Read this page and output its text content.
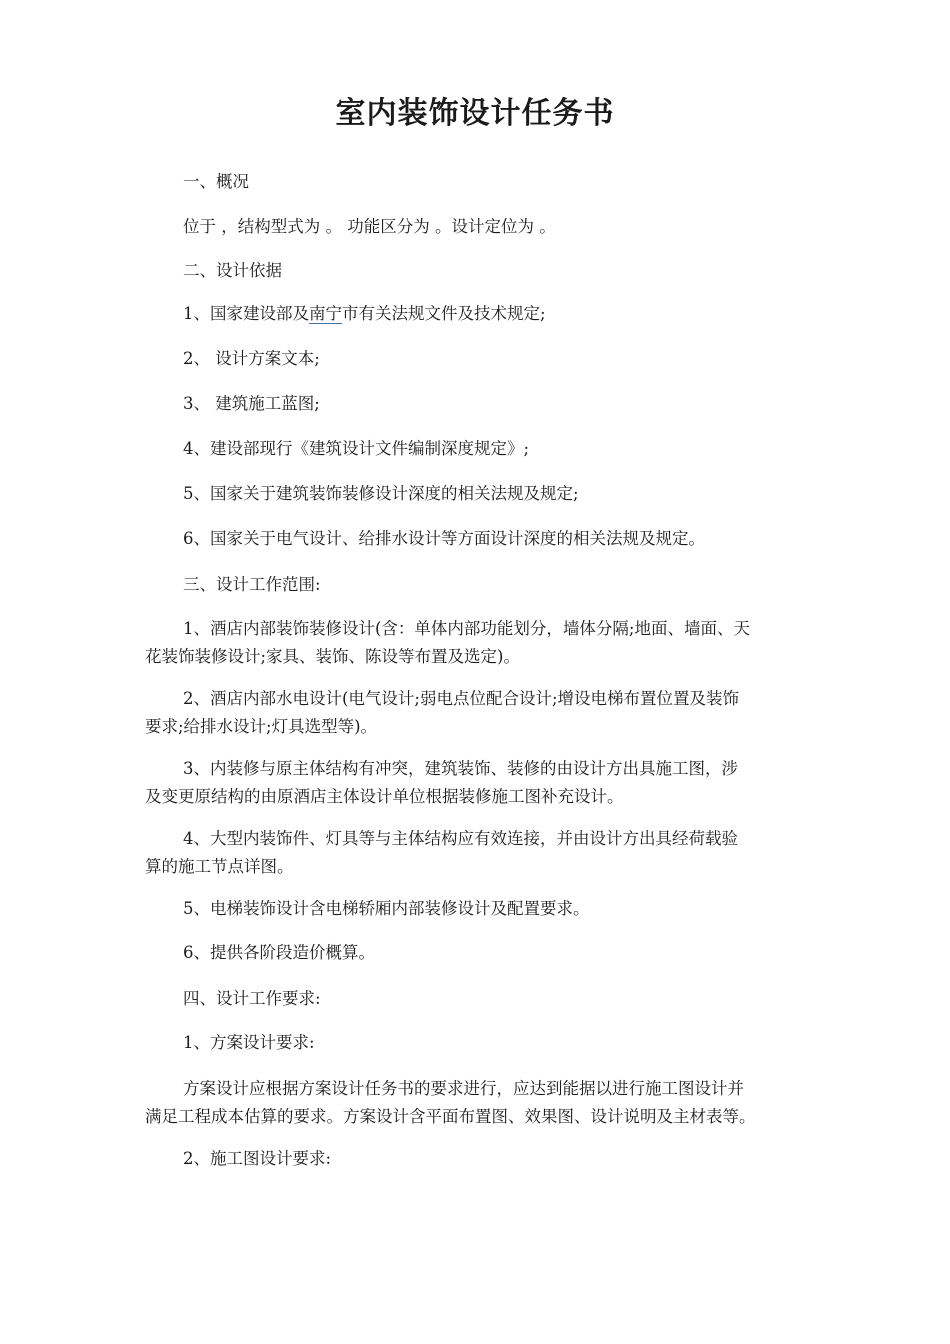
室内装饰设计任务书
一、概况
位于 ，结构型式为 。 功能区分为 。设计定位为 。
二、设计依据
1、国家建设部及南宁市有关法规文件及技术规定;
2、 设计方案文本;
3、 建筑施工蓝图;
4、建设部现行《建筑设计文件编制深度规定》;
5、国家关于建筑装饰装修设计深度的相关法规及规定;
6、国家关于电气设计、给排水设计等方面设计深度的相关法规及规定。
三、设计工作范围:
1、酒店内部装饰装修设计(含：单体内部功能划分，墙体分隔;地面、墙面、天
花装饰装修设计;家具、装饰、陈设等布置及选定)。
2、酒店内部水电设计(电气设计;弱电点位配合设计;增设电梯布置位置及装饰
要求;给排水设计;灯具选型等)。
3、内装修与原主体结构有冲突，建筑装饰、装修的由设计方出具施工图，涉
及变更原结构的由原酒店主体设计单位根据装修施工图补充设计。
4、大型内装饰件、灯具等与主体结构应有效连接，并由设计方出具经荷载验
算的施工节点详图。
5、电梯装饰设计含电梯轿厢内部装修设计及配置要求。
6、提供各阶段造价概算。
四、设计工作要求:
1、方案设计要求:
方案设计应根据方案设计任务书的要求进行，应达到能据以进行施工图设计并
满足工程成本估算的要求。方案设计含平面布置图、效果图、设计说明及主材表等。
2、施工图设计要求:
